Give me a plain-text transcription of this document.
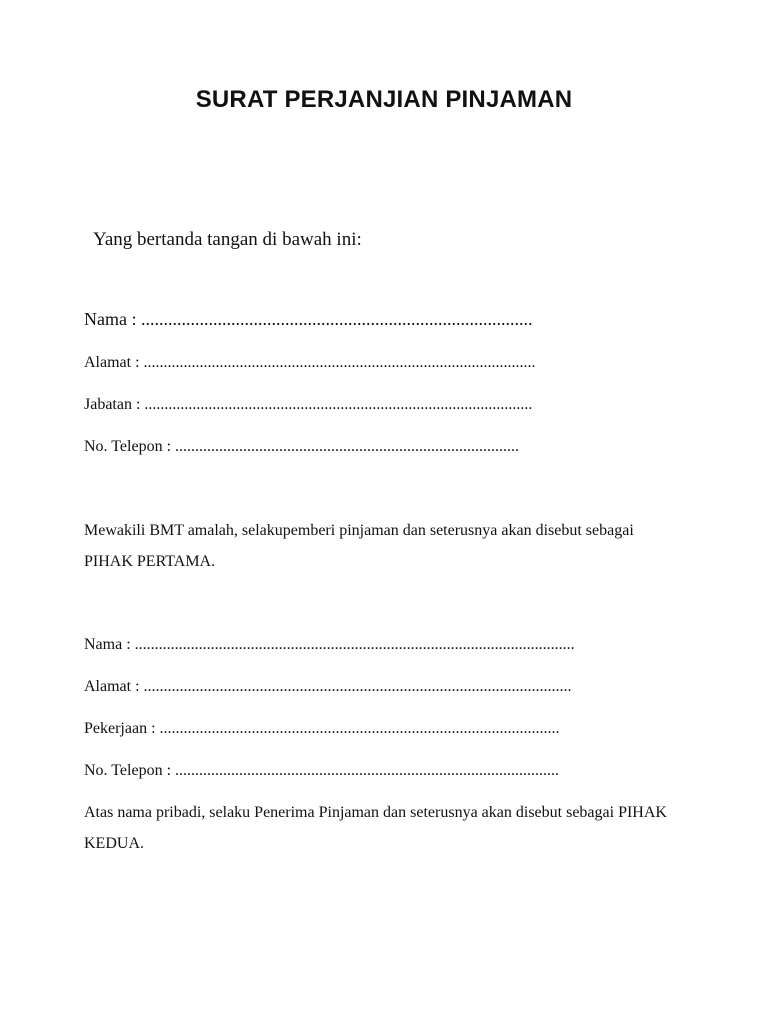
SURAT PERJANJIAN PINJAMAN
Yang bertanda tangan di bawah ini:
Nama : .......................................................................................
Alamat : ..................................................................................................
Jabatan : .................................................................................................
No. Telepon : ......................................................................................
Mewakili BMT amalah, selakupemberi pinjaman dan seterusnya akan disebut sebagai PIHAK PERTAMA.
Nama : ..............................................................................................................
Alamat : ...........................................................................................................
Pekerjaan : ....................................................................................................
No. Telepon : ................................................................................................
Atas nama pribadi, selaku Penerima Pinjaman dan seterusnya akan disebut sebagai PIHAK KEDUA.
